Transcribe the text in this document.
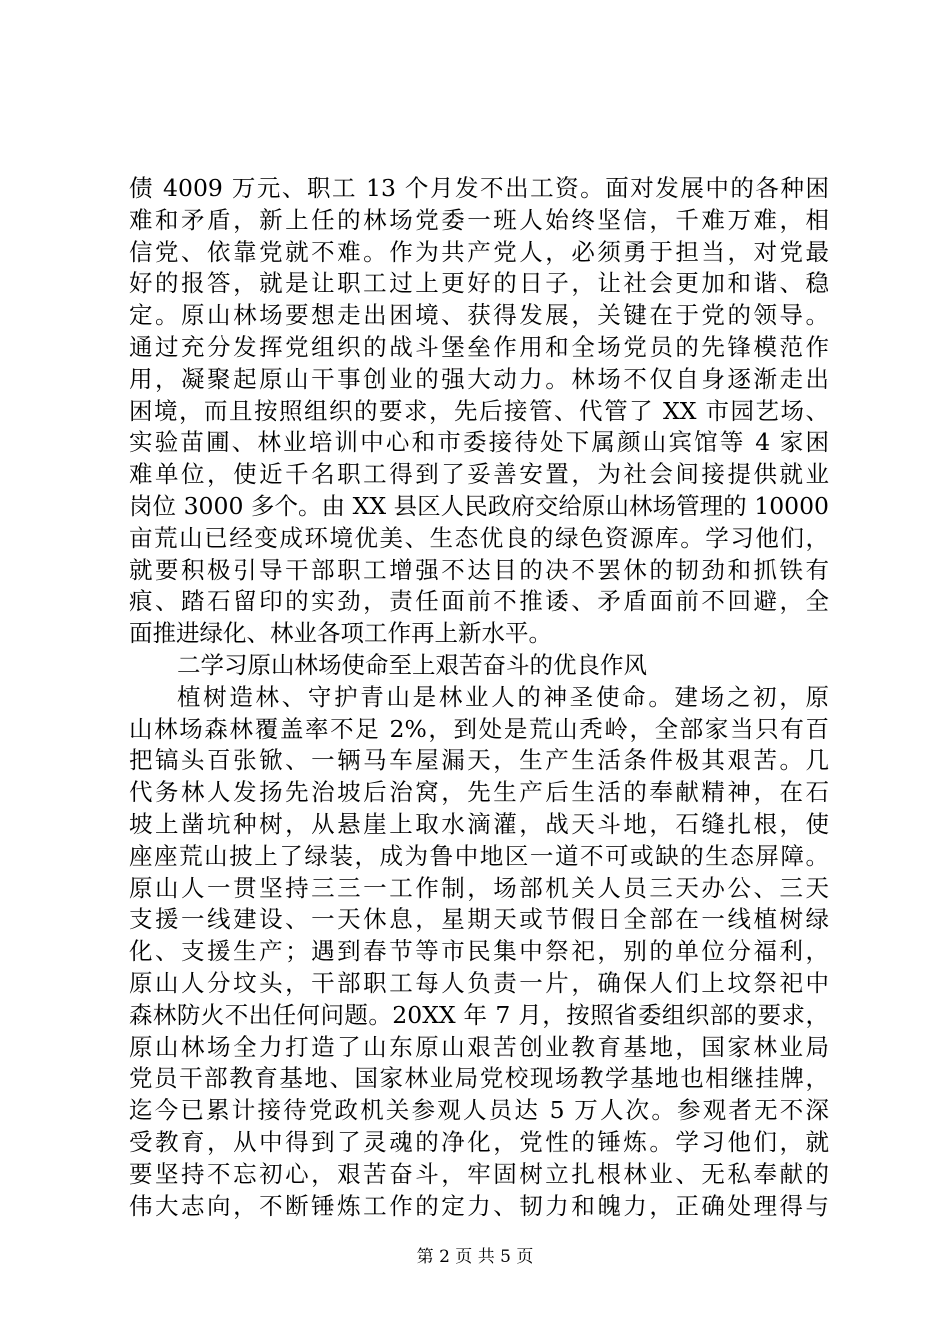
债 4009 万元、职工 13 个月发不出工资。面对发展中的各种困
难和矛盾，新上任的林场党委一班人始终坚信，千难万难，相
信党、依靠党就不难。作为共产党人，必须勇于担当，对党最
好的报答，就是让职工过上更好的日子，让社会更加和谐、稳
定。原山林场要想走出困境、获得发展，关键在于党的领导。
通过充分发挥党组织的战斗堡垒作用和全场党员的先锋模范作
用，凝聚起原山干事创业的强大动力。林场不仅自身逐渐走出
困境，而且按照组织的要求，先后接管、代管了 XX 市园艺场、
实验苗圃、林业培训中心和市委接待处下属颜山宾馆等 4 家困
难单位，使近千名职工得到了妥善安置，为社会间接提供就业
岗位 3000 多个。由 XX 县区人民政府交给原山林场管理的 10000
亩荒山已经变成环境优美、生态优良的绿色资源库。学习他们，
就要积极引导干部职工增强不达目的决不罢休的韧劲和抓铁有
痕、踏石留印的实劲，责任面前不推诿、矛盾面前不回避，全
面推进绿化、林业各项工作再上新水平。
二学习原山林场使命至上艰苦奋斗的优良作风
植树造林、守护青山是林业人的神圣使命。建场之初，原
山林场森林覆盖率不足 2%，到处是荒山秃岭，全部家当只有百
把镐头百张锨、一辆马车屋漏天，生产生活条件极其艰苦。几
代务林人发扬先治坡后治窝，先生产后生活的奉献精神，在石
坡上凿坑种树，从悬崖上取水滴灌，战天斗地，石缝扎根，使
座座荒山披上了绿装，成为鲁中地区一道不可或缺的生态屏障。
原山人一贯坚持三三一工作制，场部机关人员三天办公、三天
支援一线建设、一天休息，星期天或节假日全部在一线植树绿
化、支援生产；遇到春节等市民集中祭祀，别的单位分福利，
原山人分坟头，干部职工每人负责一片，确保人们上坟祭祀中
森林防火不出任何问题。20XX 年 7 月，按照省委组织部的要求，
原山林场全力打造了山东原山艰苦创业教育基地，国家林业局
党员干部教育基地、国家林业局党校现场教学基地也相继挂牌，
迄今已累计接待党政机关参观人员达 5 万人次。参观者无不深
受教育，从中得到了灵魂的净化，党性的锤炼。学习他们，就
要坚持不忘初心，艰苦奋斗，牢固树立扎根林业、无私奉献的
伟大志向，不断锤炼工作的定力、韧力和魄力，正确处理得与
第 2 页 共 5 页
